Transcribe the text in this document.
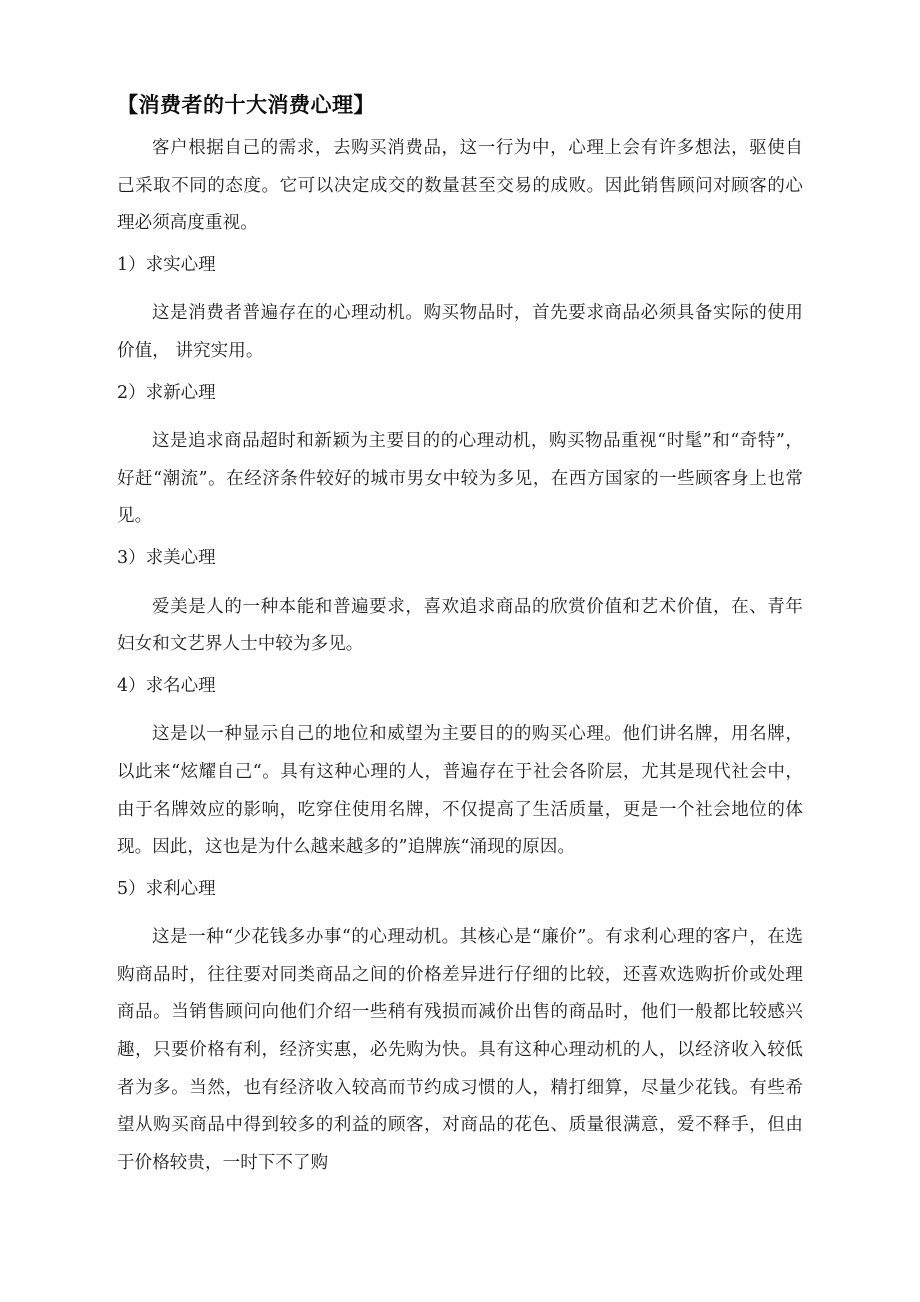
【消费者的十大消费心理】

客户根据自己的需求，去购买消费品，这一行为中，心理上会有许多想法，驱使自己采取不同的态度。它可以决定成交的数量甚至交易的成败。因此销售顾问对顾客的心理必须高度重视。

1）求实心理

这是消费者普遍存在的心理动机。购买物品时，首先要求商品必须具备实际的使用价值， 讲究实用。

2）求新心理

这是追求商品超时和新颖为主要目的的心理动机，购买物品重视“时髦”和“奇特”，好赶“潮流”。在经济条件较好的城市男女中较为多见，在西方国家的一些顾客身上也常见。

3）求美心理

爱美是人的一种本能和普遍要求，喜欢追求商品的欣赏价值和艺术价值，在、青年妇女和文艺界人士中较为多见。

4）求名心理

这是以一种显示自己的地位和威望为主要目的的购买心理。他们讲名牌，用名牌，以此来“炫耀自己“。具有这种心理的人，普遍存在于社会各阶层，尤其是现代社会中，由于名牌效应的影响，吃穿住使用名牌，不仅提高了生活质量，更是一个社会地位的体现。因此，这也是为什么越来越多的”追牌族“涌现的原因。

5）求利心理

这是一种“少花钱多办事“的心理动机。其核心是“廉价”。有求利心理的客户，在选购商品时，往往要对同类商品之间的价格差异进行仔细的比较，还喜欢选购折价或处理商品。当销售顾问向他们介绍一些稍有残损而减价出售的商品时，他们一般都比较感兴趣，只要价格有利，经济实惠，必先购为快。具有这种心理动机的人，以经济收入较低者为多。当然，也有经济收入较高而节约成习惯的人，精打细算，尽量少花钱。有些希望从购买商品中得到较多的利益的顾客，对商品的花色、质量很满意，爱不释手，但由于价格较贵，一时下不了购
